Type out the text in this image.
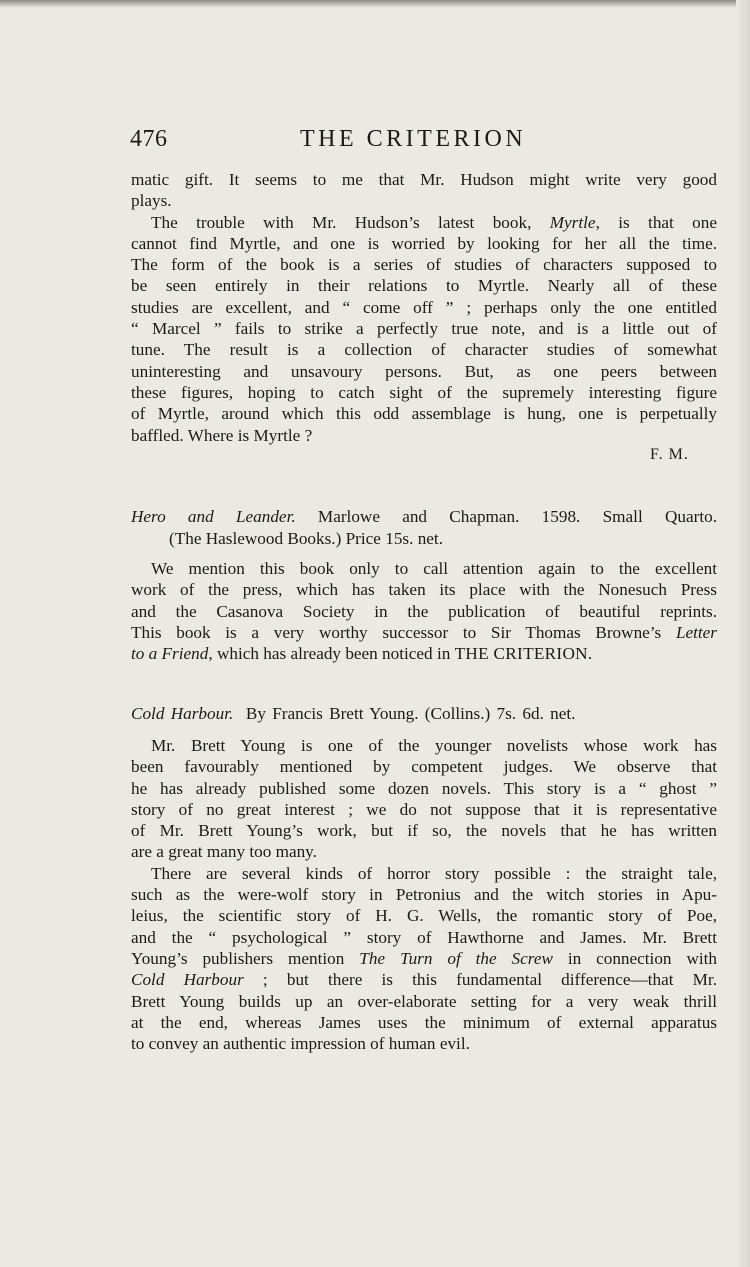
476	THE CRITERION
matic gift. It seems to me that Mr. Hudson might write very good
plays.
The trouble with Mr. Hudson’s latest book, Myrtle, is that one
cannot find Myrtle, and one is worried by looking for her all the time.
The form of the book is a series of studies of characters supposed to
be seen entirely in their relations to Myrtle. Nearly all of these
studies are excellent, and “ come off ” ; perhaps only the one entitled
“ Marcel ” fails to strike a perfectly true note, and is a little out of
tune. The result is a collection of character studies of somewhat
uninteresting and unsavoury persons. But, as one peers between
these figures, hoping to catch sight of the supremely interesting figure
of Myrtle, around which this odd assemblage is hung, one is perpetually
baffled. Where is Myrtle ?
F. M.
Hero and Leander. Marlowe and Chapman. 1598. Small Quarto.
(The Haslewood Books.) Price 15s. net.
We mention this book only to call attention again to the excellent
work of the press, which has taken its place with the Nonesuch Press
and the Casanova Society in the publication of beautiful reprints.
This book is a very worthy successor to Sir Thomas Browne’s Letter
to a Friend, which has already been noticed in THE CRITERION.
Cold Harbour. By Francis Brett Young. (Collins.) 7s. 6d. net.
Mr. Brett Young is one of the younger novelists whose work has
been favourably mentioned by competent judges. We observe that
he has already published some dozen novels. This story is a “ ghost ”
story of no great interest ; we do not suppose that it is representative
of Mr. Brett Young’s work, but if so, the novels that he has written
are a great many too many.
There are several kinds of horror story possible : the straight tale,
such as the were-wolf story in Petronius and the witch stories in Apu-
leius, the scientific story of H. G. Wells, the romantic story of Poe,
and the “ psychological ” story of Hawthorne and James. Mr. Brett
Young’s publishers mention The Turn of the Screw in connection with
Cold Harbour ; but there is this fundamental difference—that Mr.
Brett Young builds up an over-elaborate setting for a very weak thrill
at the end, whereas James uses the minimum of external apparatus
to convey an authentic impression of human evil.
